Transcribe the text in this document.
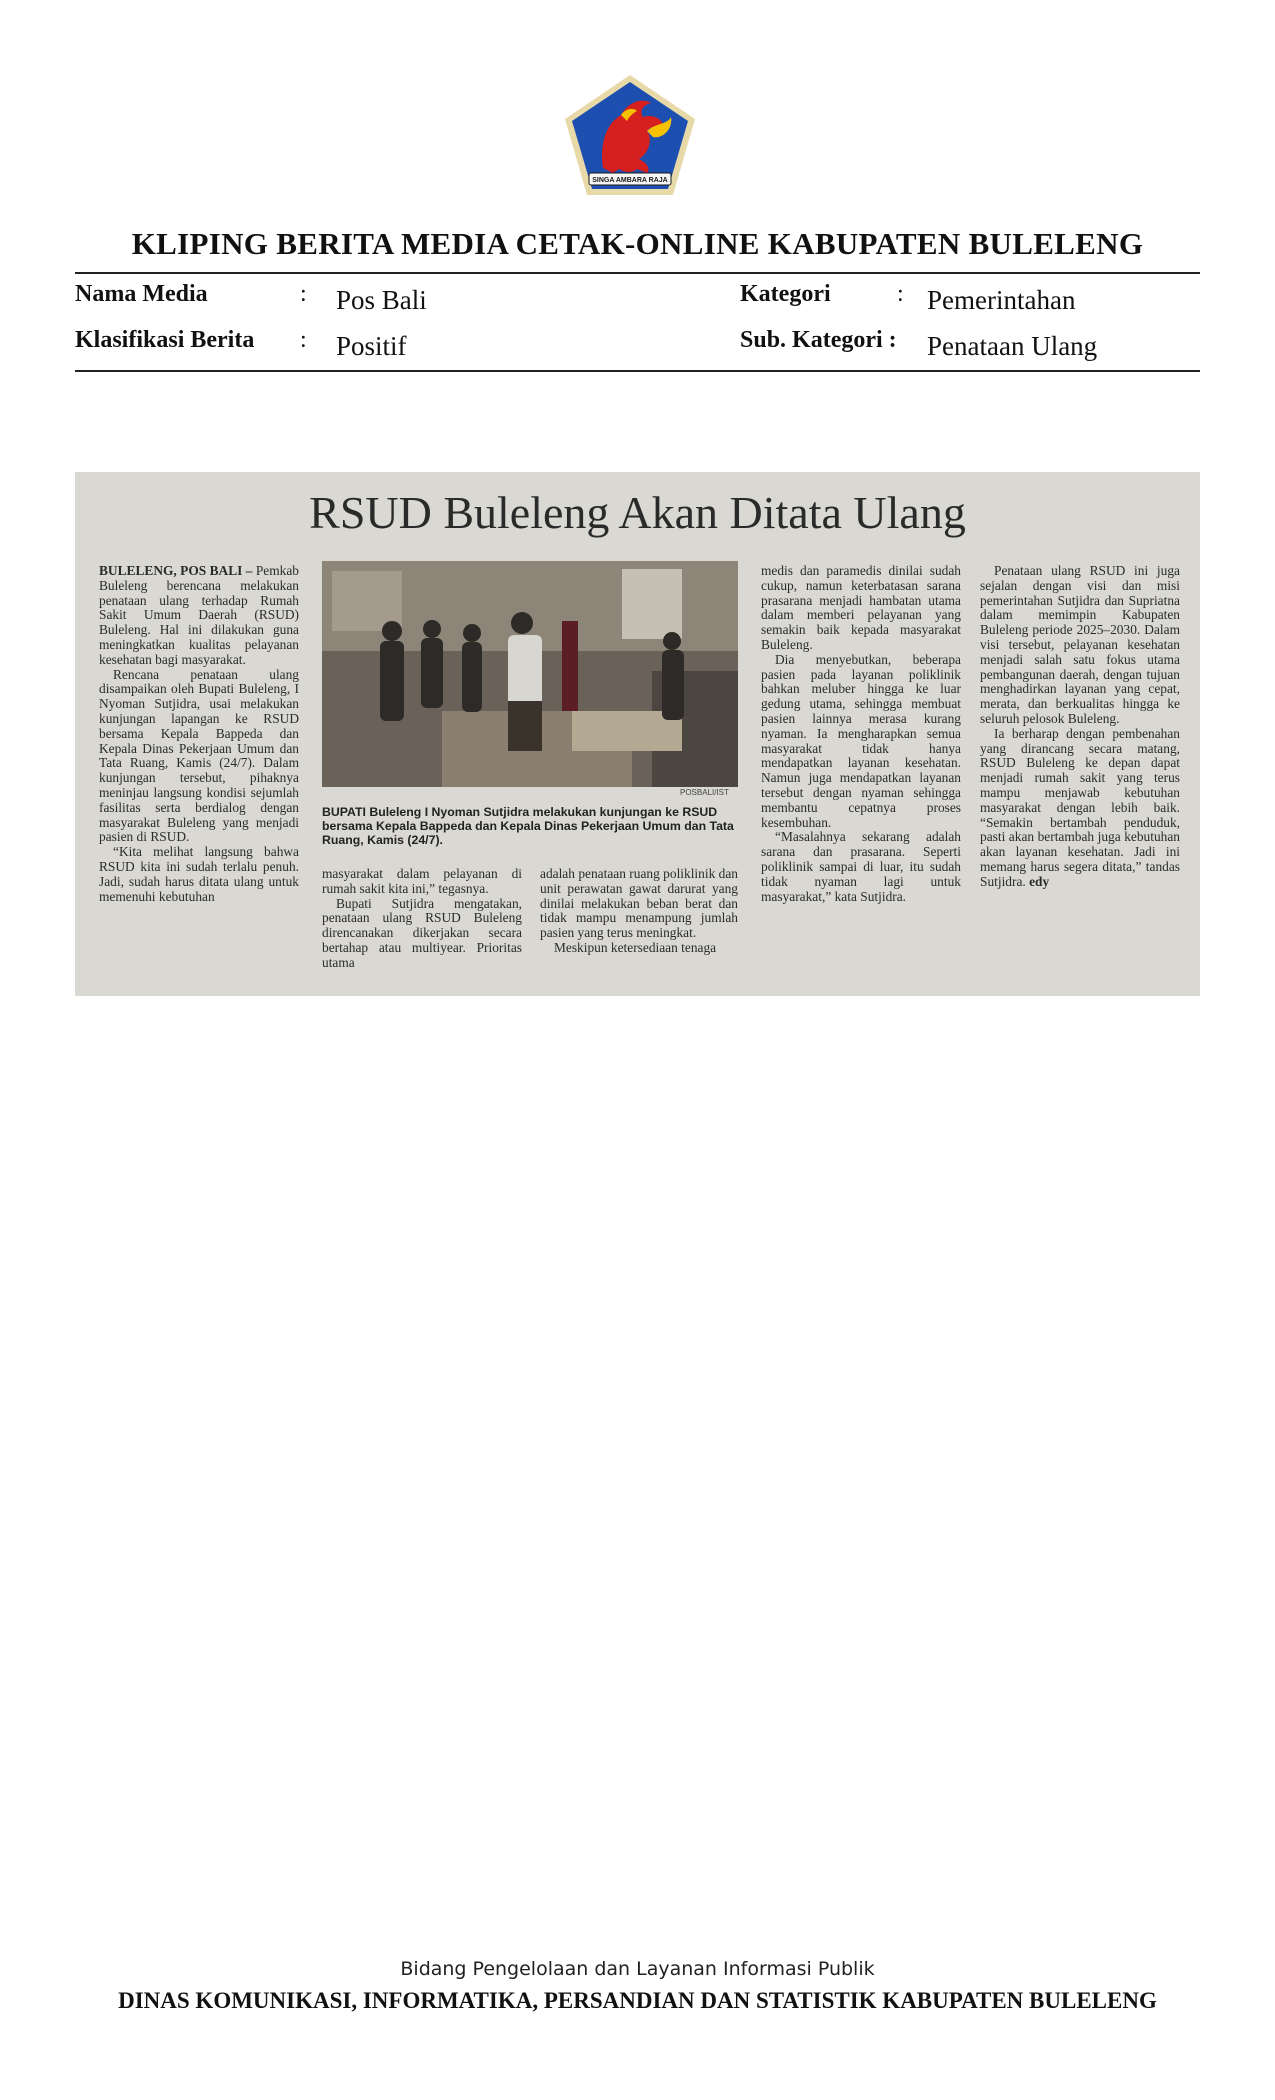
SINGA AMBARA RAJA
KLIPING BERITA MEDIA CETAK-ONLINE KABUPATEN BULELENG
Nama Media	: Pos Bali	Kategori	: Pemerintahan
Klasifikasi Berita : Positif	Sub. Kategori : Penataan Ulang
RSUD Buleleng Akan Ditata Ulang

BULELENG, POS BALI – Pemkab Buleleng berencana melakukan penataan ulang terhadap Rumah Sakit Umum Daerah (RSUD) Buleleng. Hal ini dilakukan guna meningkatkan kualitas pelayanan kesehatan bagi masyarakat.

Rencana penataan ulang disampaikan oleh Bupati Buleleng, I Nyoman Sutjidra, usai melakukan kunjungan lapangan ke RSUD bersama Kepala Bappeda dan Kepala Dinas Pekerjaan Umum dan Tata Ruang, Kamis (24/7). Dalam kunjungan tersebut, pihaknya meninjau langsung kondisi sejumlah fasilitas serta berdialog dengan masyarakat Buleleng yang menjadi pasien di RSUD.

“Kita melihat langsung bahwa RSUD kita ini sudah terlalu penuh. Jadi, sudah harus ditata ulang untuk memenuhi kebutuhan

POSBALI/IST
BUPATI Buleleng I Nyoman Sutjidra melakukan kunjungan ke RSUD bersama Kepala Bappeda dan Kepala Dinas Pekerjaan Umum dan Tata Ruang, Kamis (24/7).

masyarakat dalam pelayanan di rumah sakit kita ini,” tegasnya.

Bupati Sutjidra mengatakan, penataan ulang RSUD Buleleng direncanakan dikerjakan secara bertahap atau multiyear. Prioritas utama

adalah penataan ruang poliklinik dan unit perawatan gawat darurat yang dinilai melakukan beban berat dan tidak mampu menampung jumlah pasien yang terus meningkat.

Meskipun ketersediaan tenaga

medis dan paramedis dinilai sudah cukup, namun keterbatasan sarana prasarana menjadi hambatan utama dalam memberi pelayanan yang semakin baik kepada masyarakat Buleleng.

Dia menyebutkan, beberapa pasien pada layanan poliklinik bahkan meluber hingga ke luar gedung utama, sehingga membuat pasien lainnya merasa kurang nyaman. Ia mengharapkan semua masyarakat tidak hanya mendapatkan layanan kesehatan. Namun juga mendapatkan layanan tersebut dengan nyaman sehingga membantu cepatnya proses kesembuhan.

“Masalahnya sekarang adalah sarana dan prasarana. Seperti poliklinik sampai di luar, itu sudah tidak nyaman lagi untuk masyarakat,” kata Sutjidra.

Penataan ulang RSUD ini juga sejalan dengan visi dan misi pemerintahan Sutjidra dan Supriatna dalam memimpin Kabupaten Buleleng periode 2025–2030. Dalam visi tersebut, pelayanan kesehatan menjadi salah satu fokus utama pembangunan daerah, dengan tujuan menghadirkan layanan yang cepat, merata, dan berkualitas hingga ke seluruh pelosok Buleleng.

Ia berharap dengan pembenahan yang dirancang secara matang, RSUD Buleleng ke depan dapat menjadi rumah sakit yang terus mampu menjawab kebutuhan masyarakat dengan lebih baik. “Semakin bertambah penduduk, pasti akan bertambah juga kebutuhan akan layanan kesehatan. Jadi ini memang harus segera ditata,” tandas Sutjidra. edy

Bidang Pengelolaan dan Layanan Informasi Publik
DINAS KOMUNIKASI, INFORMATIKA, PERSANDIAN DAN STATISTIK KABUPATEN BULELENG
